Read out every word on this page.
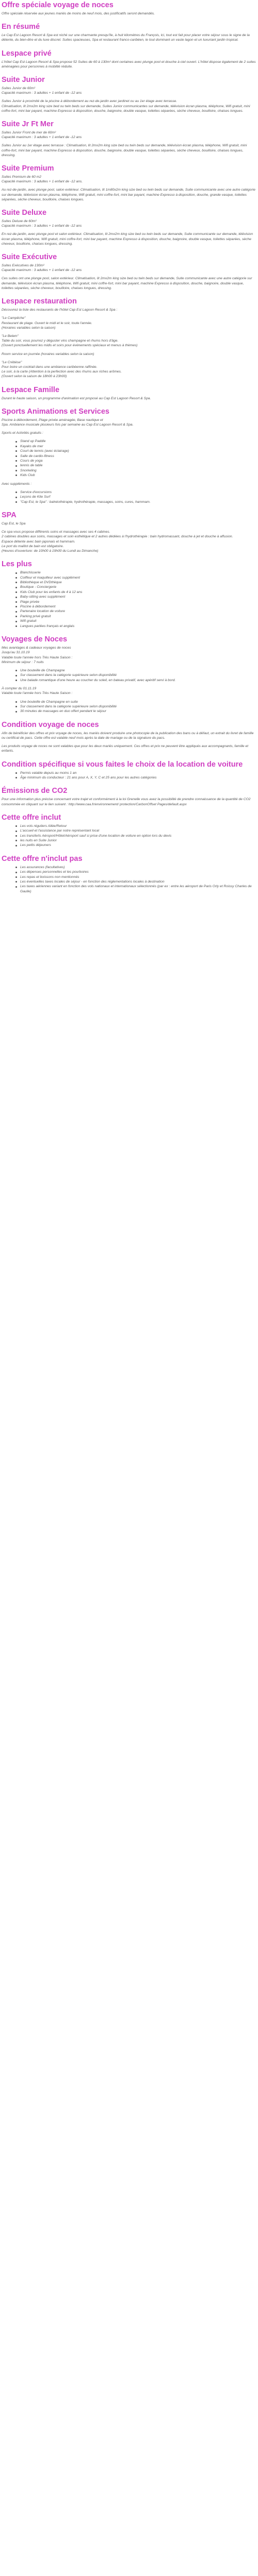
Offre spéciale voyage de noces

Offre spéciale réservée aux jeunes mariés de moins de neuf mois, des justificatifs seront demandés.

En résumé

Le Cap Est Lagoon Resort & Spa est niché sur une charmante presqu'île, à huit kilomètres du François, lci, tout est fait pour placer votre séjour sous le signe de la détente, du bien-être et du luxe discret. Suites spacieuses, Spa et restaurant franco-caribéen, le tout dominant un vaste lagon et un luxuriant jardin tropical.

Lespace privé

L'hôtel Cap Est Lagoon Resort & Spa propose 52 Suites de 60 à 130m² dont certaines avec plunge pool et douche à ciel ouvert. L'hôtel dispose également de 2 suites aménagées pour personnes à mobilité réduite.

Suite Junior

Suites Junior de 60m²
Capacité maximum : 3 adultes + 1 enfant de -12 ans

Suites Junior à proximité de la piscine à débordement au rez-de-jardin avec jardinet ou au 1er étage avec terrasse.
Climatisation, lit 2mx2m king size bed ou twin beds sur demande, Suites Junior communicantes sur demande, télévision écran plasma, téléphone, Wifi gratuit, mini coffre-fort, mini bar payant, machine Expresso à disposition, douche, baignoire, double vasque, toilettes séparées, sèche cheveux, bouilloire, chaises longues.

Suite Jr Ft Mer

Suites Junior Front de mer de 60m²
Capacité maximum : 3 adultes + 1 enfant de -12 ans

Suites Junior au 1er étage avec terrasse : Climatisation, lit 2mx2m king size bed ou twin beds sur demande, télévision écran plasma, téléphone, Wifi gratuit, mini coffre-fort, mini bar payant, machine Expresso à disposition, douche, baignoire, double vasque, toilettes séparées, sèche cheveux, bouilloire, chaises longues, dressing.

Suite Premium

Suites Premium de 60 m2
Capacité maximum : 3 adultes + 1 enfant de -12 ans.

Au rez-de-jardin, avec plunge pool, salon extérieur. Climatisation, lit 1m80x2m king size bed ou twin beds sur demande, Suite communicante avec une autre catégorie sur demande, télévision écran plasma, téléphone, Wifi gratuit, mini coffre-fort, mini bar payant, machine Expresso à disposition, douche, grande vasque, toilettes séparées, sèche cheveux, bouilloire, chaises longues.

Suite Deluxe

Suites Deluxe de 60m²
Capacité maximum : 3 adultes + 1 enfant de -12 ans

En rez-de-jardin, avec plunge pool et salon extérieur. Climatisation, lit 2mx2m king size bed ou twin beds sur demande, Suite communicante sur demande, télévision écran plasma, téléphone, Wifi gratuit, mini coffre-fort, mini bar payant, machine Expresso à disposition, douche, baignoire, double vasque, toilettes séparées, sèche cheveux, bouilloire, chaises longues, dressing.

Suite Exécutive

Suites Exécutives de 130m²
Capacité maximum : 3 adultes + 1 enfant de -12 ans

Ces suites ont une plunge pool, salon extérieur. Climatisation, lit 2mx2m king size bed ou twin beds sur demande, Suite communicante avec une autre catégorie sur demande, télévision écran plasma, téléphone, Wifi gratuit, mini coffre-fort, mini bar payant, machine Expresso à disposition, douche, baignoire, double vasque, toilettes séparées, sèche cheveux, bouilloire, chaises longues, dressing.

Lespace restauration

Découvrez la liste des restaurants de l'hôtel Cap Est Lagoon Resort & Spa :

"Le Campêche"
Restaurant de plage. Ouvert le midi et le soir, toute l'année.
(Horaires variables selon la saison)

"Le Belem"
Table du soir, vous pourrez y déguster vins champagne et rhums hors d'âge.
(Ouvert ponctuellement les midis et soirs pour événements spéciaux et menus à thèmes)

Room service en journée (horaires variables selon la saison)

"Le Crébèse"
Pour boire un cocktail dans une ambiance caribéenne raffinée.
Le soir, à la carte (Attention à la perfection avec des rhums aux riches arômes.
(Ouvert selon la saison de 18h00 à 23h00)

Lespace Famille

Durant le haute saison, un programme d'animation est proposé au Cap Est Lagoon Resort & Spa.

Sports Animations et Services

Piscine à débordement, Plage privée aménagée, Base nautique et
Spa. Ambiance musicale plusieurs fois par semaine au Cap Est Lagoon Resort & Spa.

Sports et Activités gratuits :

Stand up Paddle
Kayaks de mer
Court de tennis (avec éclairage)
Salle de cardio-fitness
Cours de yoga
tennis de table
Snorkeling
Kids Club

Avec suppléments :

Service d'excursions
Leçons de Kite Surf
"Cap Est, le Spa" : balnéothérapie, hydrothérapie, massages, soins, cures, hammam.
SPA

Cap Est, le Spa

Ce spa vous propose différents soins et massages avec ses 4 cabines.
2 cabines doubles aux soins, massages et soin esthétique et 2 autres dédiées à l'hydrothérapie : bain hydromassant, douche à jet et douche à affusion.
Espace détente avec bain japonais et hammam.
Le port du maillot de bain est obligatoire.
(Heures d'ouverture: de 10h00 à 19h00 du Lundi au Dimanche)

Les plus
Blanchisserie
Coiffeur et maquilleur avec supplément
Bibliothèque et DVDthèque
Boutique - Conciergerie
Kids Club pour les enfants de 4 à 12 ans
Baby-sitting avec supplément
Plage privée
Piscine à débordement
Partenaire location de voiture
Parking privé gratuit
Wifi gratuit
Langues parlées français et anglais
Voyages de Noces

Mes avantages & cadeaux voyages de noces
Jusqu'au 31.10.19
Valable toute l'année hors Très Haute Saison :
Minimum de séjour : 7 nuits

Une bouteille de Champagne
Sur classement dans la catégorie supérieure selon disponibilité
Une balade romantique d'une heure au coucher du soleil, en bateau privatif, avec apéritif servi à bord.

À compter du 01.11.19
Valable toute l'année hors Très Haute Saison :

Une bouteille de Champagne en suite
Sur classement dans la catégorie supérieure selon disponibilité
30 minutes de massages en duo offert pendant le séjour
Condition voyage de noces

Afin de bénéficier des offres et prix voyage de noces, les mariés doivent produire une photocopie de la publication des bans ou à défaut, un extrait du livret de famille ou certificat de pacs. Cette offre est valable neuf mois après la date de mariage ou de la signature du pacs.

Les produits voyage de noces ne sont valables que pour les deux mariés uniquement. Ces offres et prix ne peuvent être appliqués aux accompagnants, famille et enfants.

Condition spécifique si vous faites le choix de la location de voiture
Permis valable depuis au moins 1 an
Âge minimum du conducteur : 21 ans pour A, X, Y, C et 25 ans pour les autres catégories
Émissions de CO2

Pour une information plus précise concernant votre trajet et conformément à la loi Grenelle vous avez la possibilité de prendre connaissance de la quantité de CO2 consommée en cliquant sur le lien suivant : http://www.caa.fr/environnement/ protection/CarbonOffset Pages/default.aspx

Cette offre inclut
Les vols réguliers Allée/Retour
L'accueil et l'assistance par notre représentant local
Les transferts Aéroport/Hôtel/Aéroport sauf si prise d'une location de voiture en option lors du devis
les nuits en Suite Junior
Les petits déjeuners
Cette offre n'inclut pas
Les assurances (facultatives)
Les dépenses personnelles et les pourboires
Les repas et boissons non mentionnés
Les éventuelles taxes locales de séjour - en fonction des réglementations locales à destination
Les taxes aériennes variant en fonction des vols nationaux et internationaux sélectionnés (par ex : entre les aéroport de Paris Orly et Roissy Charles de Gaulle)
